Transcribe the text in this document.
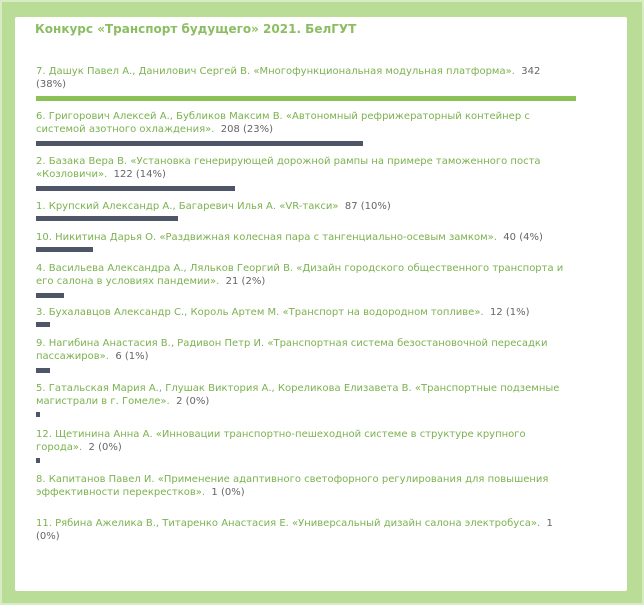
Конкурс «Транспорт будущего» 2021. БелГУТ
7. Дашук Павел А., Данилович Сергей В. «Многофункциональная модульная платформа». 342 (38%)
6. Григорович Алексей А., Бубликов Максим В. «Автономный рефрижераторный контейнер с системой азотного охлаждения». 208 (23%)
2. Базака Вера В. «Установка генерирующей дорожной рампы на примере таможенного поста «Козловичи». 122 (14%)
1. Крупский Александр А., Багаревич Илья А. «VR-такси» 87 (10%)
10. Никитина Дарья О. «Раздвижная колесная пара с тангенциально-осевым замком». 40 (4%)
4. Васильева Александра А., Ляльков Георгий В. «Дизайн городского общественного транспорта и его салона в условиях пандемии». 21 (2%)
3. Бухалавцов Александр С., Король Артем М. «Транспорт на водородном топливе». 12 (1%)
9. Нагибина Анастасия В., Радивон Петр И. «Транспортная система безостановочной пересадки пассажиров». 6 (1%)
5. Гатальская Мария А., Глушак Виктория А., Кореликова Елизавета В. «Транспортные подземные магистрали в г. Гомеле». 2 (0%)
12. Щетинина Анна А. «Инновации транспортно-пешеходной системе в структуре крупного города». 2 (0%)
8. Капитанов Павел И. «Применение адаптивного светофорного регулирования для повышения эффективности перекрестков». 1 (0%)
11. Рябина Ажелика В., Титаренко Анастасия Е. «Универсальный дизайн салона электробуса». 1 (0%)
